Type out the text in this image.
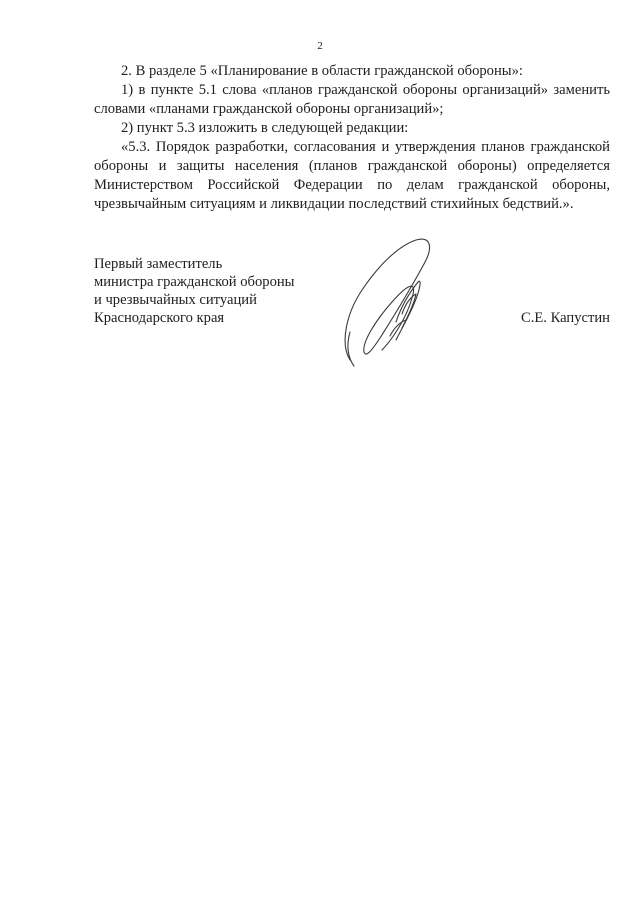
2

2. В разделе 5 «Планирование в области гражданской обороны»:

1) в пункте 5.1 слова «планов гражданской обороны организаций» заменить словами «планами гражданской обороны организаций»;

2) пункт 5.3 изложить в следующей редакции:

«5.3. Порядок разработки, согласования и утверждения планов гражданской обороны и защиты населения (планов гражданской обороны) определяется Министерством Российской Федерации по делам гражданской обороны, чрезвычайным ситуациям и ликвидации последствий стихийных бедствий.».

Первый заместитель
министра гражданской обороны
и чрезвычайных ситуаций
Краснодарского края	С.Е. Капустин
